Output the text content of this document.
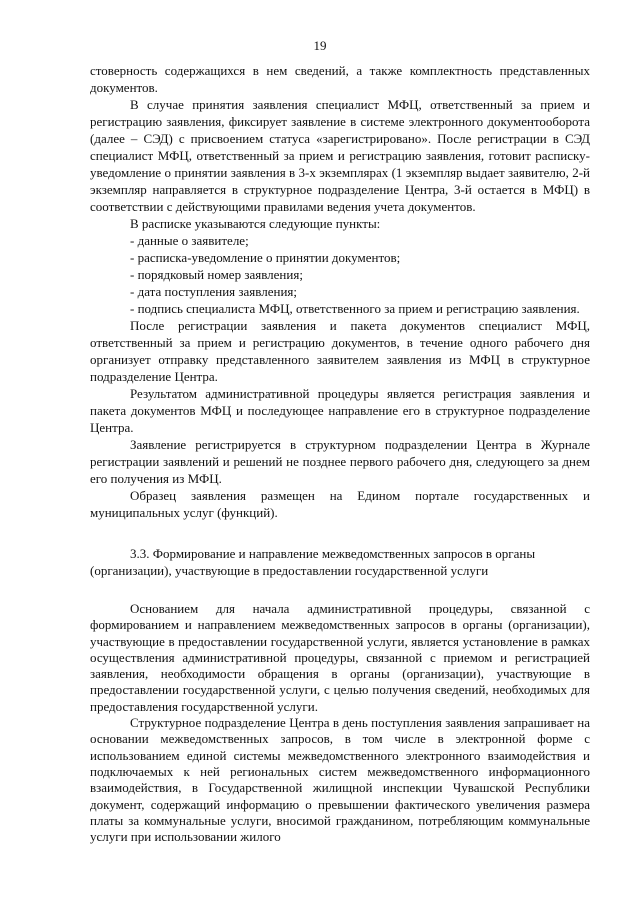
19

стоверность содержащихся в нем сведений, а также комплектность представленных документов.

В случае принятия заявления специалист МФЦ, ответственный за прием и регистрацию заявления, фиксирует заявление в системе электронного документооборота (далее – СЭД) с присвоением статуса «зарегистрировано». После регистрации в СЭД специалист МФЦ, ответственный за прием и регистрацию заявления, готовит расписку-уведомление о принятии заявления в 3-х экземплярах (1 экземпляр выдает заявителю, 2-й экземпляр направляется в структурное подразделение Центра, 3-й остается в МФЦ) в соответствии с действующими правилами ведения учета документов.

В расписке указываются следующие пункты:

- данные о заявителе;

- расписка-уведомление о принятии документов;

- порядковый номер заявления;

- дата поступления заявления;

- подпись специалиста МФЦ, ответственного за прием и регистрацию заявления.

После регистрации заявления и пакета документов специалист МФЦ, ответственный за прием и регистрацию документов, в течение одного рабочего дня организует отправку представленного заявителем заявления из МФЦ в структурное подразделение Центра.

Результатом административной процедуры является регистрация заявления и пакета документов МФЦ и последующее направление его в структурное подразделение Центра.

Заявление регистрируется в структурном подразделении Центра в Журнале регистрации заявлений и решений не позднее первого рабочего дня, следующего за днем его получения из МФЦ.

Образец заявления размещен на Едином портале государственных и муниципальных услуг (функций).

3.3. Формирование и направление межведомственных запросов в органы (организации), участвующие в предоставлении государственной услуги

Основанием для начала административной процедуры, связанной с формированием и направлением межведомственных запросов в органы (организации), участвующие в предоставлении государственной услуги, является установление в рамках осуществления административной процедуры, связанной с приемом и регистрацией заявления, необходимости обращения в органы (организации), участвующие в предоставлении государственной услуги, с целью получения сведений, необходимых для предоставления государственной услуги.

Структурное подразделение Центра в день поступления заявления запрашивает на основании межведомственных запросов, в том числе в электронной форме с использованием единой системы межведомственного электронного взаимодействия и подключаемых к ней региональных систем межведомственного информационного взаимодействия, в Государственной жилищной инспекции Чувашской Республики документ, содержащий информацию о превышении фактического увеличения размера платы за коммунальные услуги, вносимой гражданином, потребляющим коммунальные услуги при использовании жилого
